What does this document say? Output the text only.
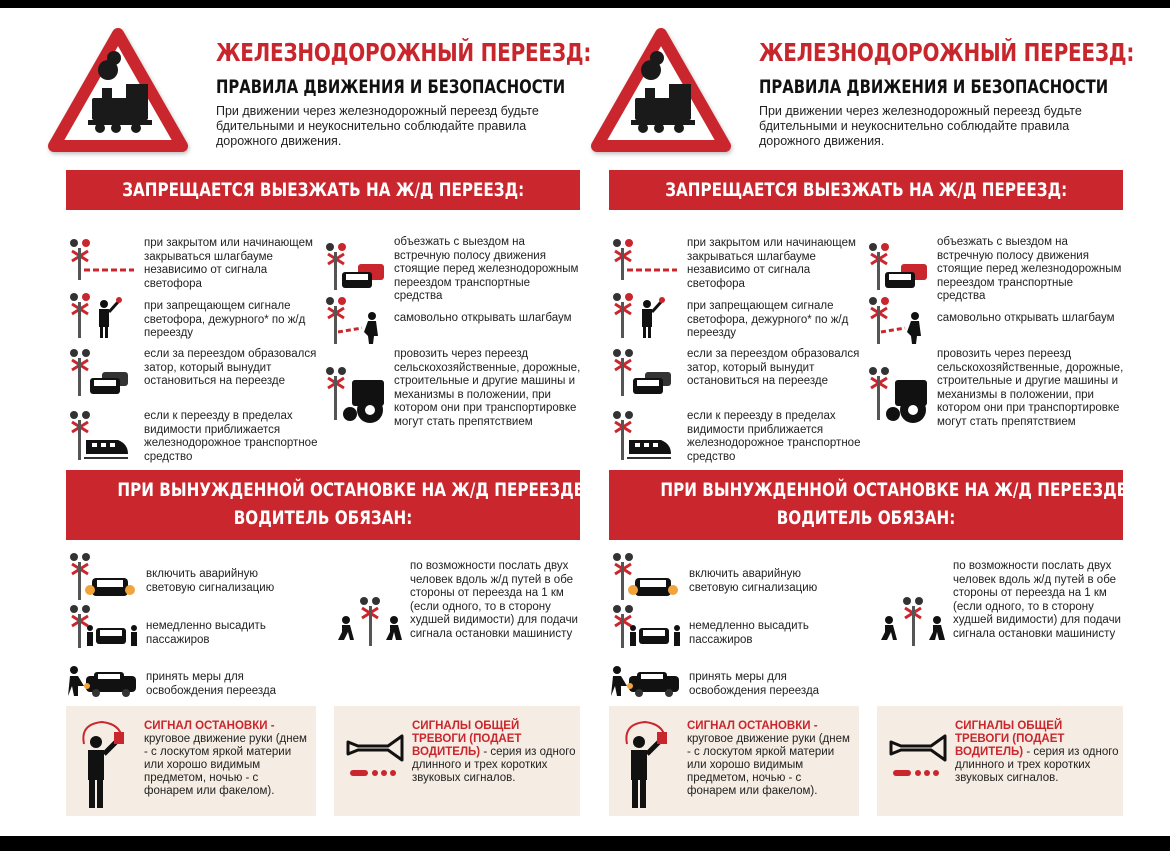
ЖЕЛЕЗНОДОРОЖНЫЙ ПЕРЕЕЗД:
ПРАВИЛА ДВИЖЕНИЯ И БЕЗОПАСНОСТИ
При движении через железнодорожный переезд будьте бдительными и неукоснительно соблюдайте правила дорожного движения.
ЗАПРЕЩАЕТСЯ ВЫЕЗЖАТЬ НА Ж/Д ПЕРЕЕЗД:
при закрытом или начинающем закрываться шлагбауме независимо от сигнала светофора
при запрещающем сигнале светофора, дежурного* по ж/д переезду
если за переездом образовался затор, который вынудит остановиться на переезде
если к переезду в пределах видимости приближается железнодорожное транспортное средство
объезжать с выездом на встречную полосу движения стоящие перед железнодорожным переездом транспортные средства
самовольно открывать шлагбаум
провозить через переезд сельскохозяйственные, дорожные, строительные и другие машины и механизмы в положении, при котором они при транспортировке могут стать препятствием
ПРИ ВЫНУЖДЕННОЙ ОСТАНОВКЕ НА Ж/Д ПЕРЕЕЗДЕ
ВОДИТЕЛЬ ОБЯЗАН:
включить аварийную световую сигнализацию
немедленно высадить пассажиров
принять меры для освобождения переезда
по возможности послать двух человек вдоль ж/д путей в обе стороны от переезда на 1 км (если одного, то в сторону худшей видимости) для подачи сигнала остановки машинисту
СИГНАЛ ОСТАНОВКИ -
круговое движение руки (днем - с лоскутом яркой материи или хорошо видимым предметом, ночью - с фонарем или факелом).
СИГНАЛЫ ОБЩЕЙ ТРЕВОГИ (ПОДАЕТ ВОДИТЕЛЬ) - серия из одного длинного и трех коротких звуковых сигналов.
ЖЕЛЕЗНОДОРОЖНЫЙ ПЕРЕЕЗД:
ПРАВИЛА ДВИЖЕНИЯ И БЕЗОПАСНОСТИ
При движении через железнодорожный переезд будьте бдительными и неукоснительно соблюдайте правила дорожного движения.
ЗАПРЕЩАЕТСЯ ВЫЕЗЖАТЬ НА Ж/Д ПЕРЕЕЗД:
при закрытом или начинающем закрываться шлагбауме независимо от сигнала светофора
при запрещающем сигнале светофора, дежурного* по ж/д переезду
если за переездом образовался затор, который вынудит остановиться на переезде
если к переезду в пределах видимости приближается железнодорожное транспортное средство
объезжать с выездом на встречную полосу движения стоящие перед железнодорожным переездом транспортные средства
самовольно открывать шлагбаум
провозить через переезд сельскохозяйственные, дорожные, строительные и другие машины и механизмы в положении, при котором они при транспортировке могут стать препятствием
ПРИ ВЫНУЖДЕННОЙ ОСТАНОВКЕ НА Ж/Д ПЕРЕЕЗДЕ
ВОДИТЕЛЬ ОБЯЗАН:
включить аварийную световую сигнализацию
немедленно высадить пассажиров
принять меры для освобождения переезда
по возможности послать двух человек вдоль ж/д путей в обе стороны от переезда на 1 км (если одного, то в сторону худшей видимости) для подачи сигнала остановки машинисту
СИГНАЛ ОСТАНОВКИ -
круговое движение руки (днем - с лоскутом яркой материи или хорошо видимым предметом, ночью - с фонарем или факелом).
СИГНАЛЫ ОБЩЕЙ ТРЕВОГИ (ПОДАЕТ ВОДИТЕЛЬ) - серия из одного длинного и трех коротких звуковых сигналов.
